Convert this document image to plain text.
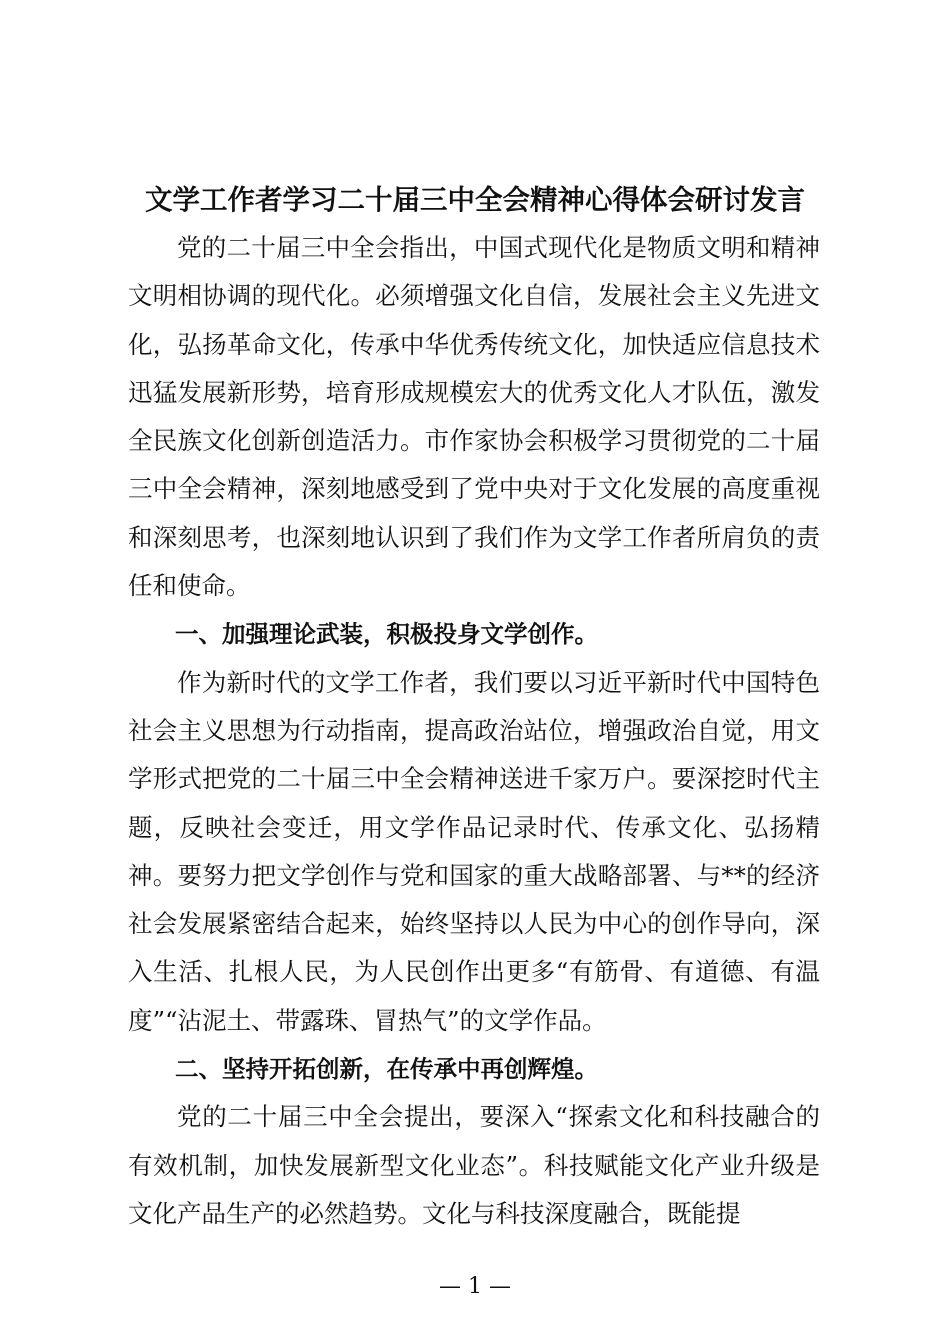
文学工作者学习二十届三中全会精神心得体会研讨发言

党的二十届三中全会指出，中国式现代化是物质文明和精神文明相协调的现代化。必须增强文化自信，发展社会主义先进文化，弘扬革命文化，传承中华优秀传统文化，加快适应信息技术迅猛发展新形势，培育形成规模宏大的优秀文化人才队伍，激发全民族文化创新创造活力。市作家协会积极学习贯彻党的二十届三中全会精神，深刻地感受到了党中央对于文化发展的高度重视和深刻思考，也深刻地认识到了我们作为文学工作者所肩负的责任和使命。

一、加强理论武装，积极投身文学创作。

作为新时代的文学工作者，我们要以习近平新时代中国特色社会主义思想为行动指南，提高政治站位，增强政治自觉，用文学形式把党的二十届三中全会精神送进千家万户。要深挖时代主题，反映社会变迁，用文学作品记录时代、传承文化、弘扬精神。要努力把文学创作与党和国家的重大战略部署、与**的经济社会发展紧密结合起来，始终坚持以人民为中心的创作导向，深入生活、扎根人民，为人民创作出更多“有筋骨、有道德、有温度”“沾泥土、带露珠、冒热气”的文学作品。

二、坚持开拓创新，在传承中再创辉煌。

党的二十届三中全会提出，要深入“探索文化和科技融合的有效机制，加快发展新型文化业态”。科技赋能文化产业升级是文化产品生产的必然趋势。文化与科技深度融合，既能提

— 1 —
